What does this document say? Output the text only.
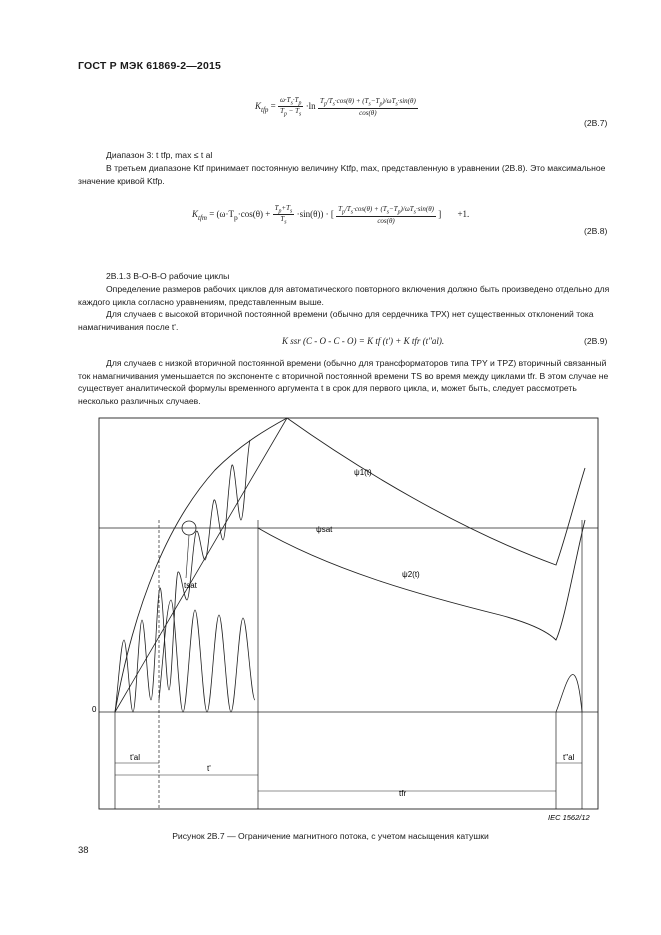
ГОСТ Р МЭК 61869-2—2015
$K_{tfp} = \frac{\omega\cdot T_s\cdot T_p}{T_p - T_s} \cdot\ln \frac{T_p/T_s\cdot\cos(\theta) + (T_s-T_p)/\omega T_s\cdot\sin(\theta)}{\cos(\theta)}$
(2B.7)
Диапазон 3: t tfp, max ≤ t al
В третьем диапазоне Ktf принимает постоянную величину Ktfp, max, представленную в уравнении (2B.8). Это максимальное значение кривой Ktfp.
$K_{tfm} = (\omega\cdot T_p\cdot\cos(\theta) + \frac{T_p+T_s}{T_s} \cdot\sin(\theta))$ · [ $\frac{T_p/T_s\cdot\cos(\theta) + (T_s-T_p)/\omega T_s\cdot\sin(\theta)}{\cos(\theta)}$ ] +1.
(2B.8)
2B.1.3 В-О-В-О рабочие циклы
Определение размеров рабочих циклов для автоматического повторного включения должно быть произведено отдельно для каждого цикла согласно уравнениям, представленным выше.
Для случаев с высокой вторичной постоянной времени (обычно для сердечника ТРХ) нет существенных отклонений тока намагничивания после t'.
K ssr (C - O - C - O) = K tf (t') + K tfr (t"al).	(2B.9)
Для случаев с низкой вторичной постоянной времени (обычно для трансформаторов типа TPY и TPZ) вторичный связанный ток намагничивания уменьшается по экспоненте с вторичной постоянной времени TS во время между циклами tfr. В этом случае не существует аналитической формулы временного аргумента t в срок для первого цикла, и, может быть, следует рассмотреть несколько различных случаев.
ψ1(t)
ψ2(t)
ψsat
tsat
0
t'al
t'
tfr
t"al
IEC 1562/12
Рисунок 2B.7 — Ограничение магнитного потока, с учетом насыщения катушки
38
